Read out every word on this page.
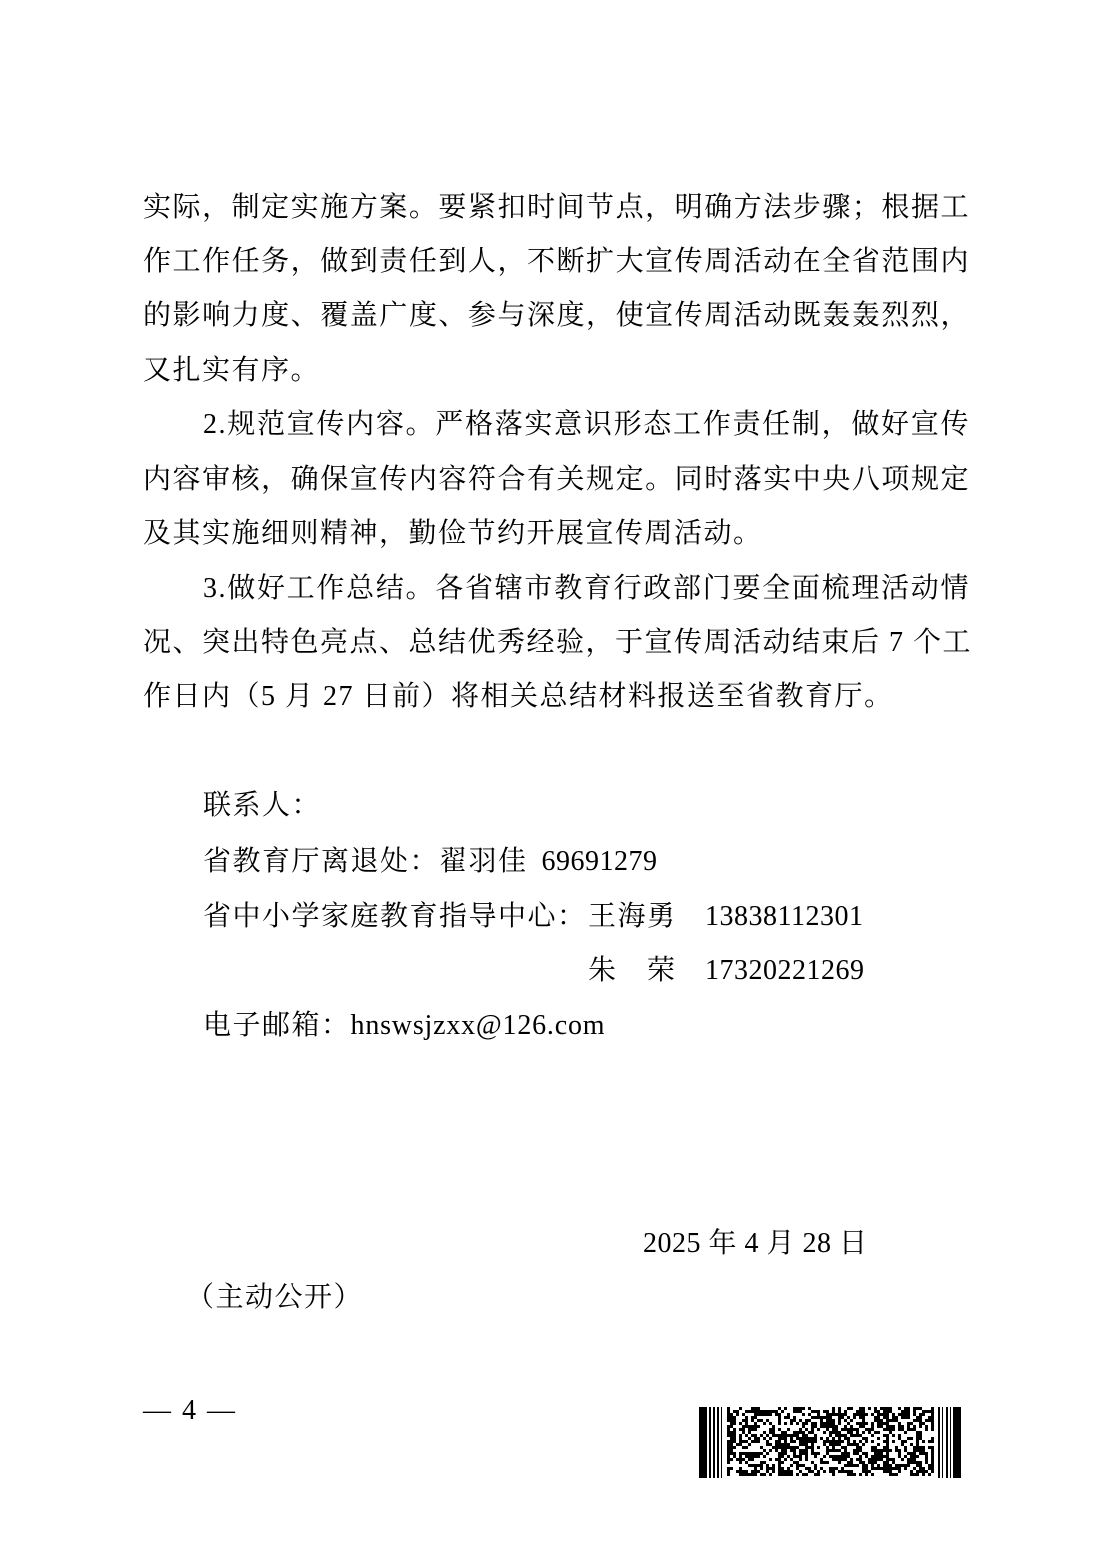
实际，制定实施方案。要紧扣时间节点，明确方法步骤；根据工
作工作任务，做到责任到人，不断扩大宣传周活动在全省范围内
的影响力度、覆盖广度、参与深度，使宣传周活动既轰轰烈烈，
又扎实有序。
2.规范宣传内容。严格落实意识形态工作责任制，做好宣传
内容审核，确保宣传内容符合有关规定。同时落实中央八项规定
及其实施细则精神，勤俭节约开展宣传周活动。
3.做好工作总结。各省辖市教育行政部门要全面梳理活动情
况、突出特色亮点、总结优秀经验，于宣传周活动结束后 7 个工
作日内（5 月 27 日前）将相关总结材料报送至省教育厅。
联系人：
省教育厅离退处：翟羽佳 69691279
省中小学家庭教育指导中心： 王海勇 13838112301
朱　荣 17320221269
电子邮箱：hnswsjzxx@126.com
2025 年 4 月 28 日
（主动公开）
— 4 —
